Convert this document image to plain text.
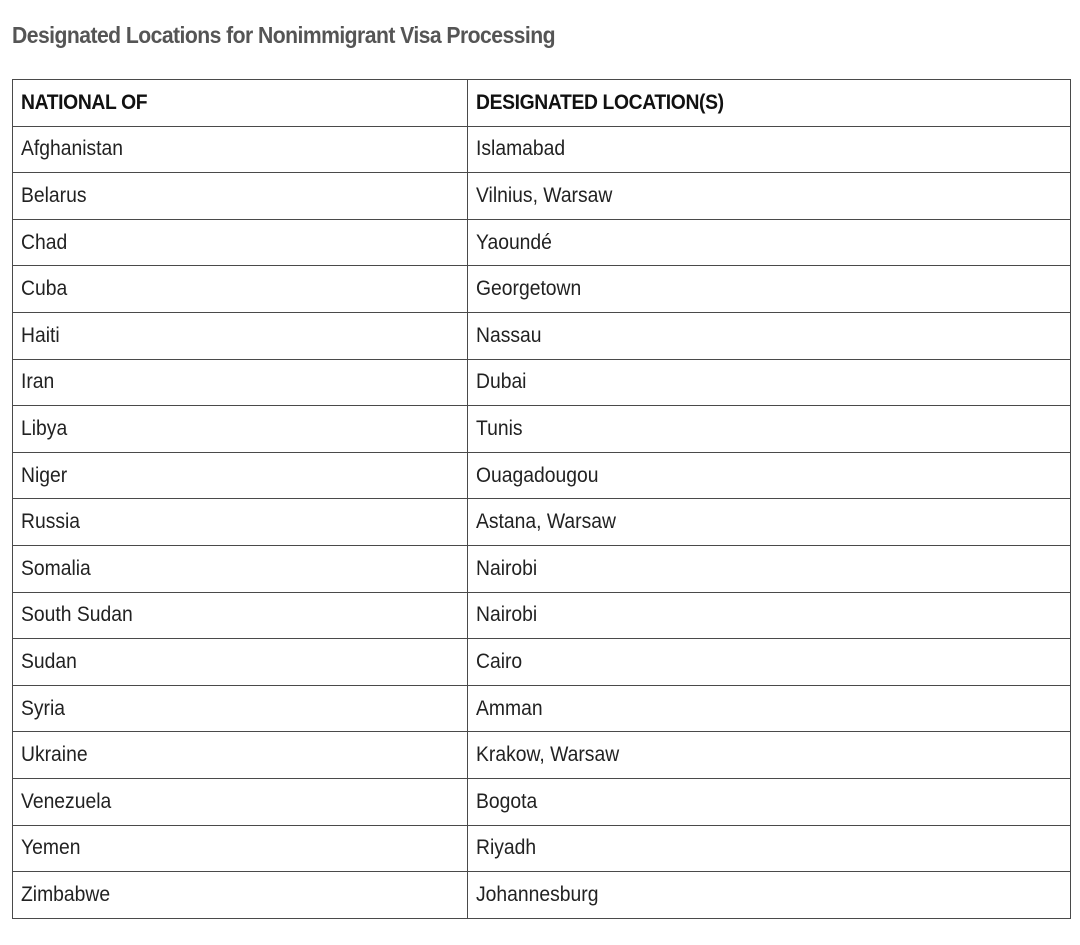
Designated Locations for Nonimmigrant Visa Processing
NATIONAL OF	DESIGNATED LOCATION(S)
Afghanistan	Islamabad
Belarus	Vilnius, Warsaw
Chad	Yaoundé
Cuba	Georgetown
Haiti	Nassau
Iran	Dubai
Libya	Tunis
Niger	Ouagadougou
Russia	Astana, Warsaw
Somalia	Nairobi
South Sudan	Nairobi
Sudan	Cairo
Syria	Amman
Ukraine	Krakow, Warsaw
Venezuela	Bogota
Yemen	Riyadh
Zimbabwe	Johannesburg
